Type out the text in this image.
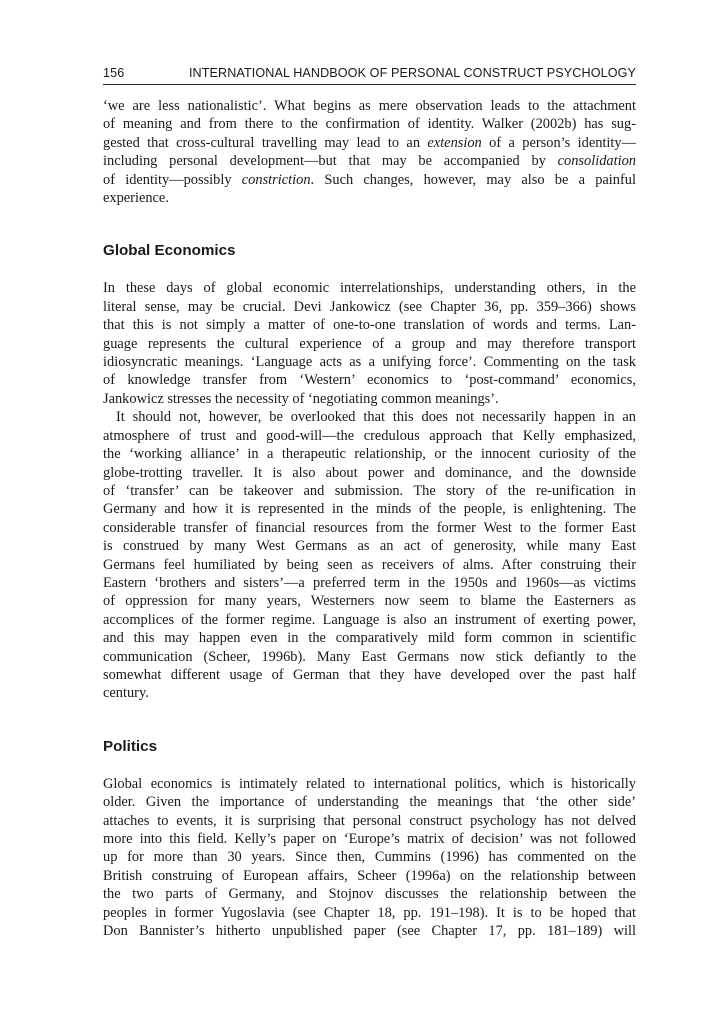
156	INTERNATIONAL HANDBOOK OF PERSONAL CONSTRUCT PSYCHOLOGY
‘we are less nationalistic’. What begins as mere observation leads to the attachment
of meaning and from there to the confirmation of identity. Walker (2002b) has sug-
gested that cross-cultural travelling may lead to an extension of a person’s identity—
including personal development—but that may be accompanied by consolidation
of identity—possibly constriction. Such changes, however, may also be a painful
experience.
Global Economics
In these days of global economic interrelationships, understanding others, in the
literal sense, may be crucial. Devi Jankowicz (see Chapter 36, pp. 359–366) shows
that this is not simply a matter of one-to-one translation of words and terms. Lan-
guage represents the cultural experience of a group and may therefore transport
idiosyncratic meanings. ‘Language acts as a unifying force’. Commenting on the task
of knowledge transfer from ‘Western’ economics to ‘post-command’ economics,
Jankowicz stresses the necessity of ‘negotiating common meanings’.
It should not, however, be overlooked that this does not necessarily happen in an
atmosphere of trust and good-will—the credulous approach that Kelly emphasized,
the ‘working alliance’ in a therapeutic relationship, or the innocent curiosity of the
globe-trotting traveller. It is also about power and dominance, and the downside
of ‘transfer’ can be takeover and submission. The story of the re-unification in
Germany and how it is represented in the minds of the people, is enlightening. The
considerable transfer of financial resources from the former West to the former East
is construed by many West Germans as an act of generosity, while many East
Germans feel humiliated by being seen as receivers of alms. After construing their
Eastern ‘brothers and sisters’—a preferred term in the 1950s and 1960s—as victims
of oppression for many years, Westerners now seem to blame the Easterners as
accomplices of the former regime. Language is also an instrument of exerting power,
and this may happen even in the comparatively mild form common in scientific
communication (Scheer, 1996b). Many East Germans now stick defiantly to the
somewhat different usage of German that they have developed over the past half
century.
Politics
Global economics is intimately related to international politics, which is historically
older. Given the importance of understanding the meanings that ‘the other side’
attaches to events, it is surprising that personal construct psychology has not delved
more into this field. Kelly’s paper on ‘Europe’s matrix of decision’ was not followed
up for more than 30 years. Since then, Cummins (1996) has commented on the
British construing of European affairs, Scheer (1996a) on the relationship between
the two parts of Germany, and Stojnov discusses the relationship between the
peoples in former Yugoslavia (see Chapter 18, pp. 191–198). It is to be hoped that
Don Bannister’s hitherto unpublished paper (see Chapter 17, pp. 181–189) will
